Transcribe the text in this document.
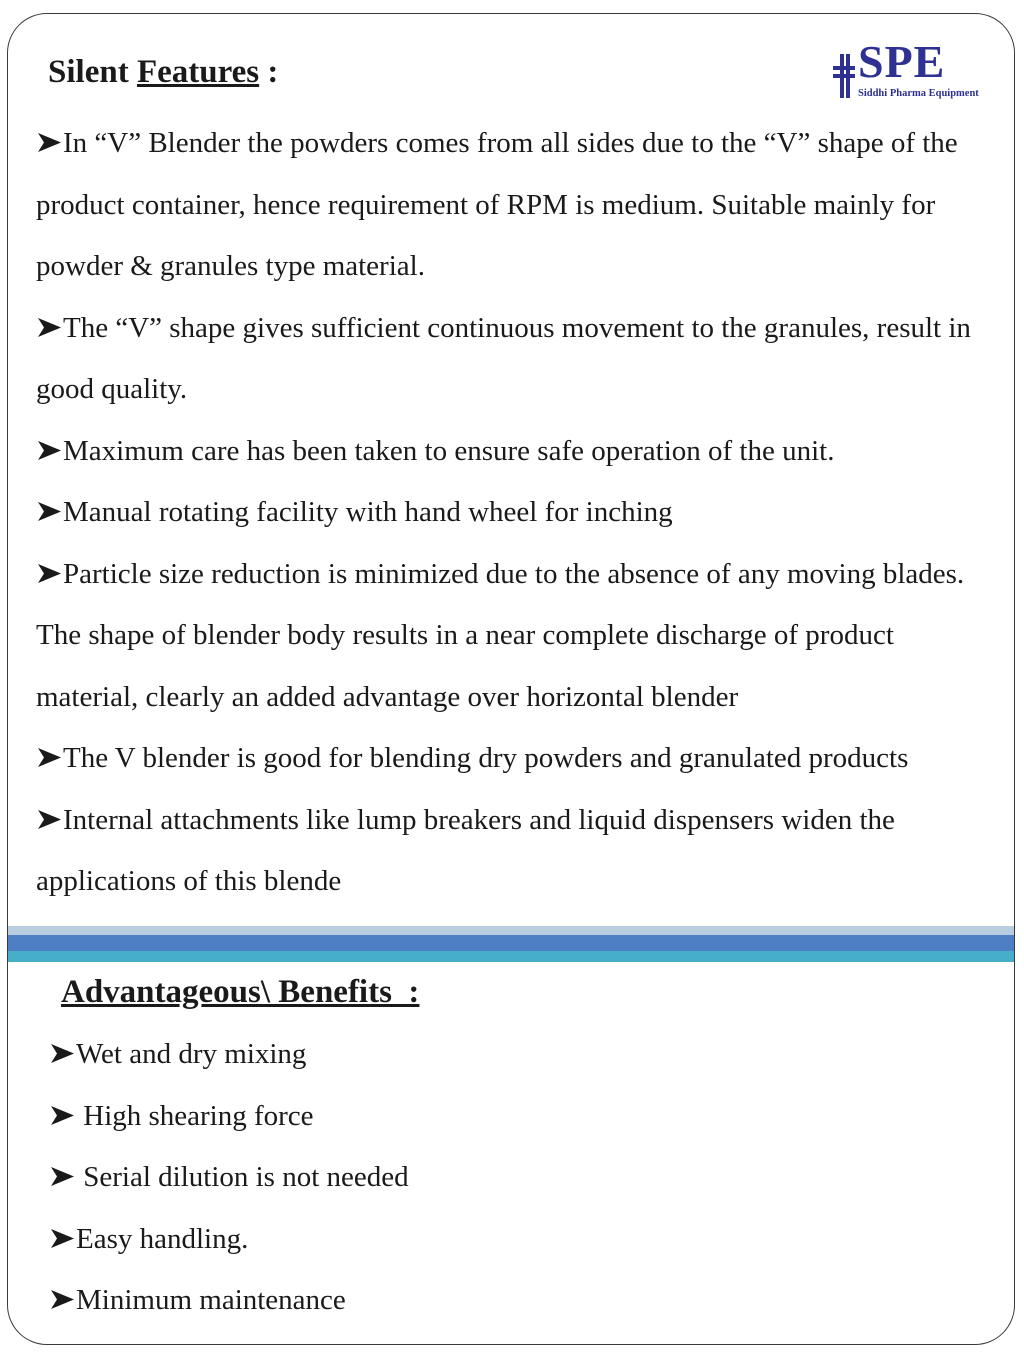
Silent Features :	SPE
Siddhi Pharma Equipment
In “V” Blender the powders comes from all sides due to the “V” shape of the product container, hence requirement of RPM is medium. Suitable mainly for powder & granules type material.
The “V” shape gives sufficient continuous movement to the granules, result in good quality.
Maximum care has been taken to ensure safe operation of the unit.
Manual rotating facility with hand wheel for inching
Particle size reduction is minimized due to the absence of any moving blades. The shape of blender body results in a near complete discharge of product material, clearly an added advantage over horizontal blender
The V blender is good for blending dry powders and granulated products
Internal attachments like lump breakers and liquid dispensers widen the applications of this blende
Advantageous\ Benefits  :
Wet and dry mixing
High shearing force
Serial dilution is not needed
Easy handling.
Minimum maintenance
